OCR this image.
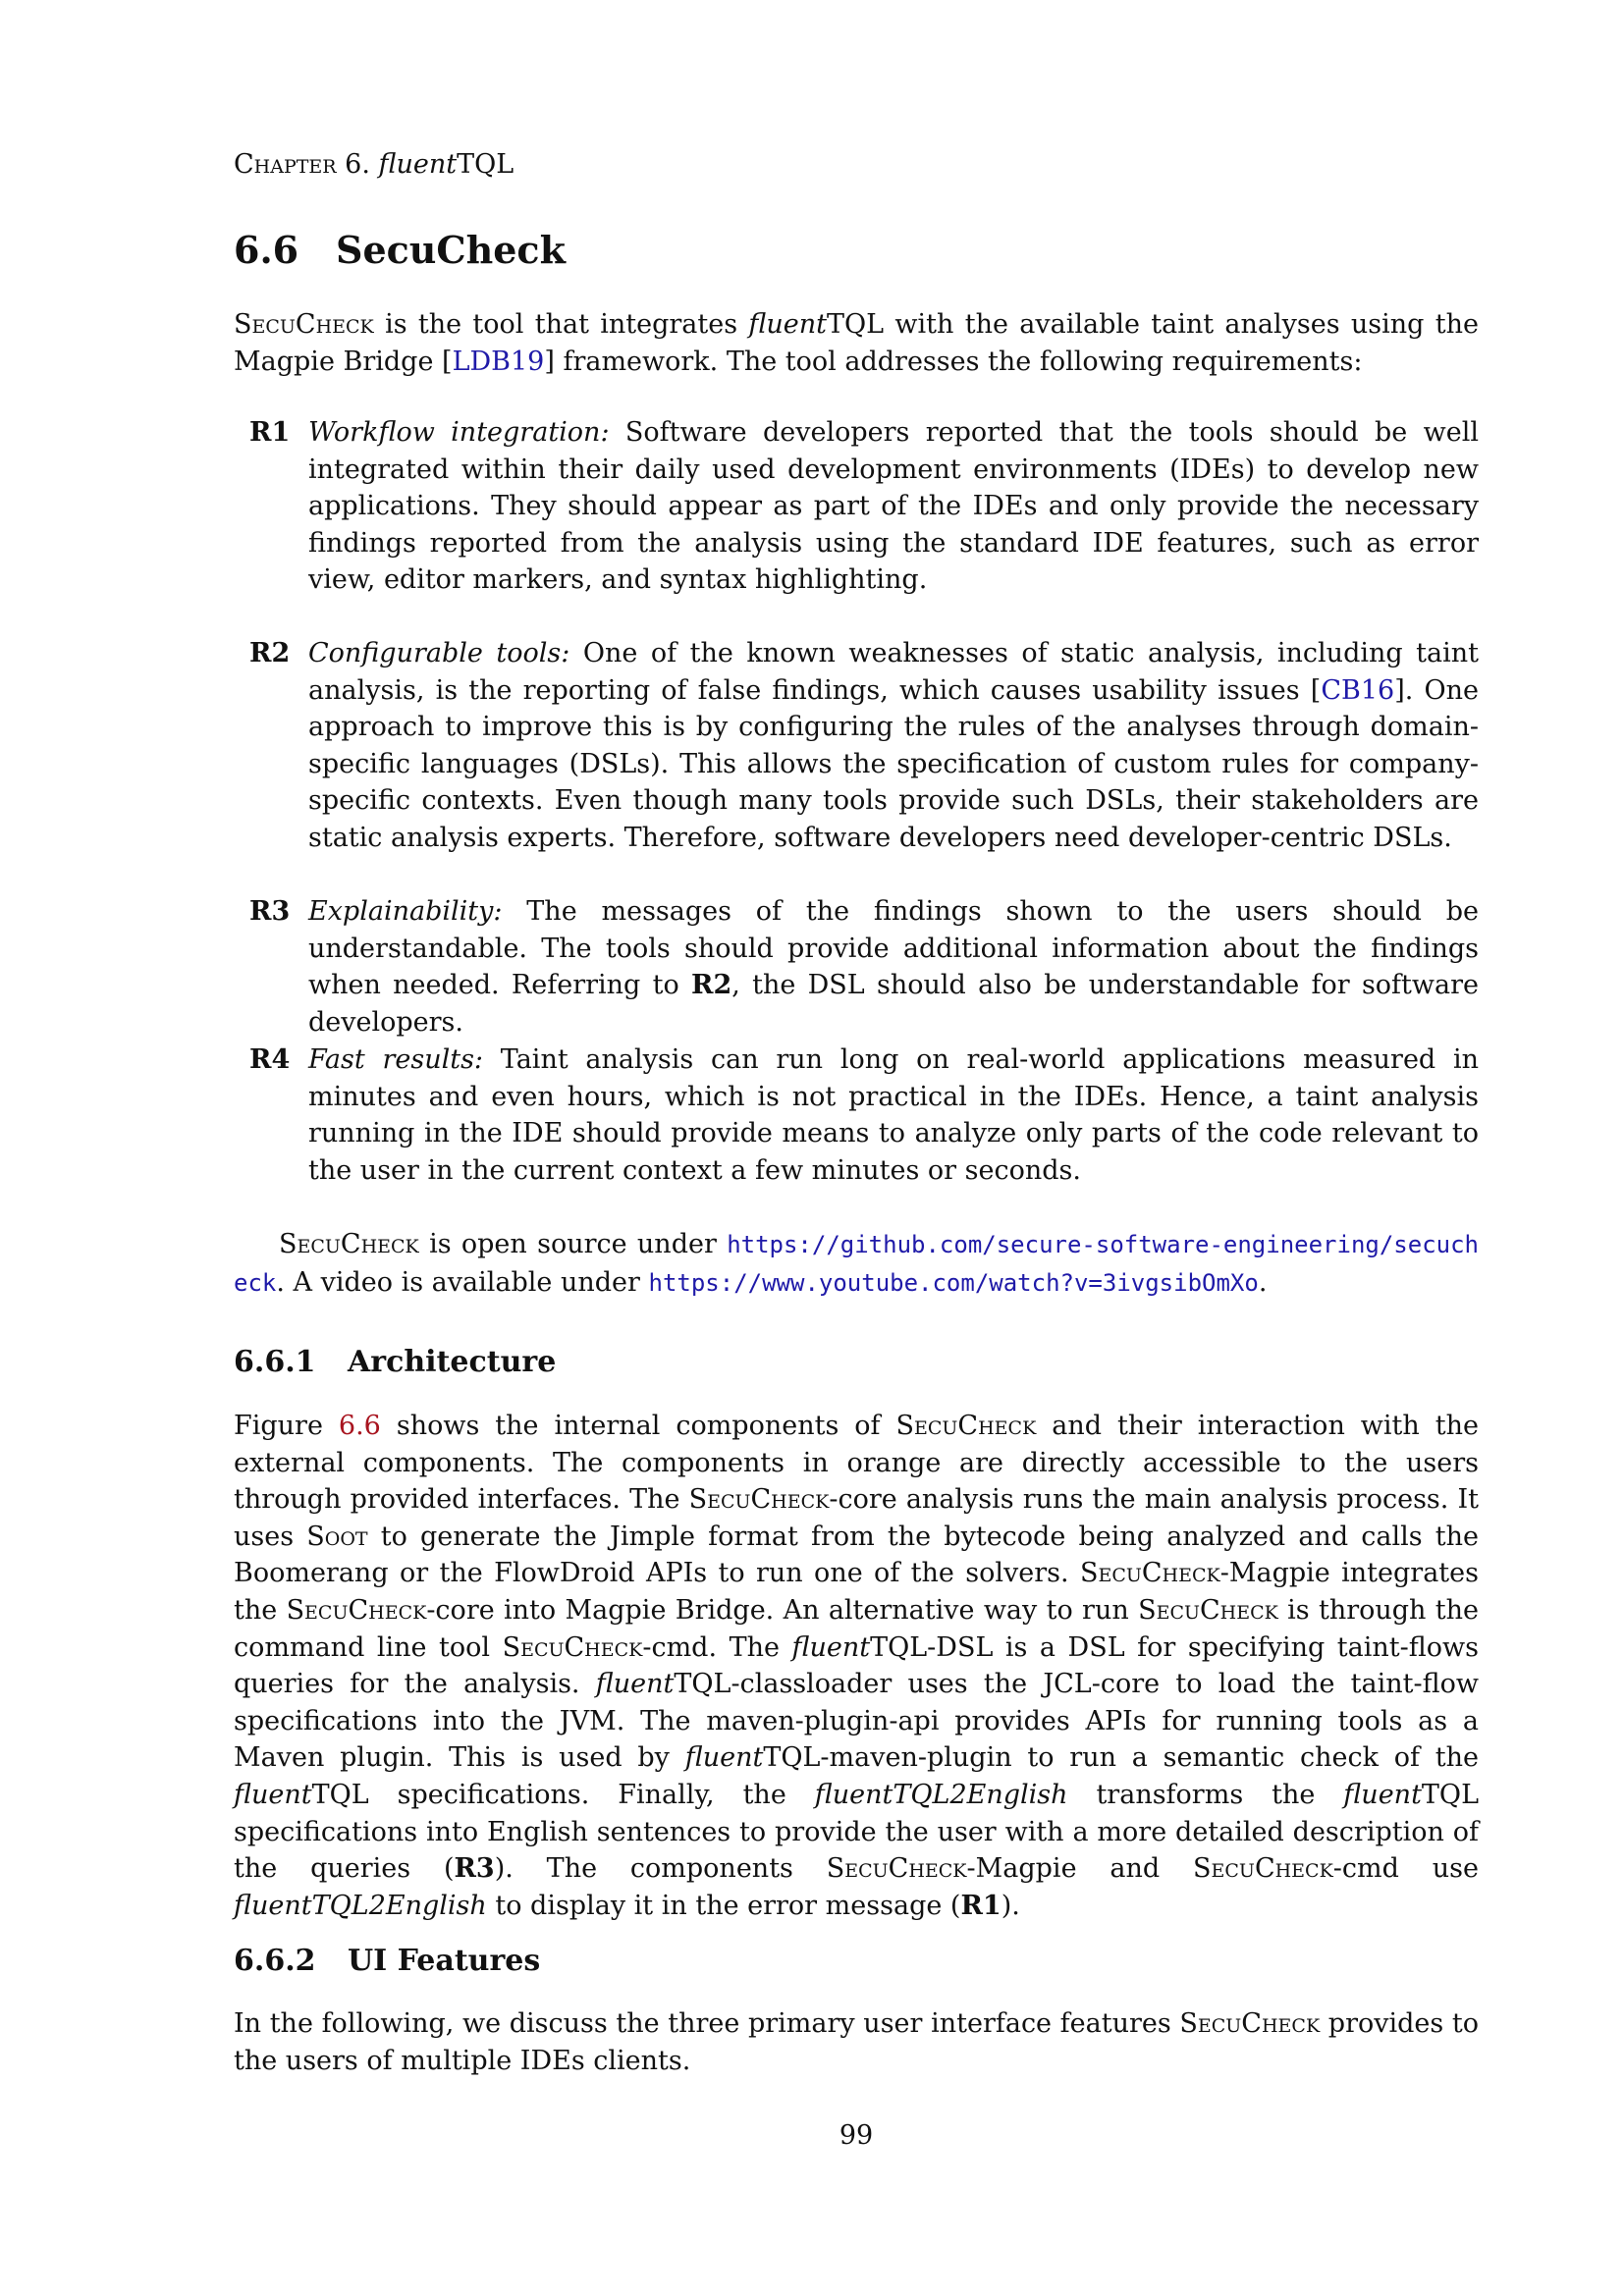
Chapter 6. fluentTQL
6.6 SecuCheck

SecuCheck is the tool that integrates fluentTQL with the available taint analyses using the Magpie Bridge [LDB19] framework. The tool addresses the following requirements:

R1 Workflow integration: Software developers reported that the tools should be well integrated within their daily used development environments (IDEs) to develop new applications. They should appear as part of the IDEs and only provide the necessary findings reported from the analysis using the standard IDE features, such as error view, editor markers, and syntax highlighting.
R2 Configurable tools: One of the known weaknesses of static analysis, including taint analysis, is the reporting of false findings, which causes usability issues [CB16]. One approach to improve this is by configuring the rules of the analyses through domain-specific languages (DSLs). This allows the specification of custom rules for company-specific contexts. Even though many tools provide such DSLs, their stakeholders are static analysis experts. Therefore, software developers need developer-centric DSLs.
R3 Explainability: The messages of the findings shown to the users should be understandable. The tools should provide additional information about the findings when needed. Referring to R2, the DSL should also be understandable for software developers.
R4 Fast results: Taint analysis can run long on real-world applications measured in minutes and even hours, which is not practical in the IDEs. Hence, a taint analysis running in the IDE should provide means to analyze only parts of the code relevant to the user in the current context a few minutes or seconds.

SecuCheck is open source under https://github.com/secure-software-engineering/secucheck. A video is available under https://www.youtube.com/watch?v=3ivgsibOmXo.

6.6.1 Architecture

Figure 6.6 shows the internal components of SecuCheck and their interaction with the external components. The components in orange are directly accessible to the users through provided interfaces. The SecuCheck-core analysis runs the main analysis process. It uses Soot to generate the Jimple format from the bytecode being analyzed and calls the Boomerang or the FlowDroid APIs to run one of the solvers. SecuCheck-Magpie integrates the SecuCheck-core into Magpie Bridge. An alternative way to run SecuCheck is through the command line tool SecuCheck-cmd. The fluentTQL-DSL is a DSL for specifying taint-flows queries for the analysis. fluentTQL-classloader uses the JCL-core to load the taint-flow specifications into the JVM. The maven-plugin-api provides APIs for running tools as a Maven plugin. This is used by fluentTQL-maven-plugin to run a semantic check of the fluentTQL specifications. Finally, the fluentTQL2English transforms the fluentTQL specifications into English sentences to provide the user with a more detailed description of the queries (R3). The components SecuCheck-Magpie and SecuCheck-cmd use fluentTQL2English to display it in the error message (R1).

6.6.2 UI Features

In the following, we discuss the three primary user interface features SecuCheck provides to the users of multiple IDEs clients.

99
